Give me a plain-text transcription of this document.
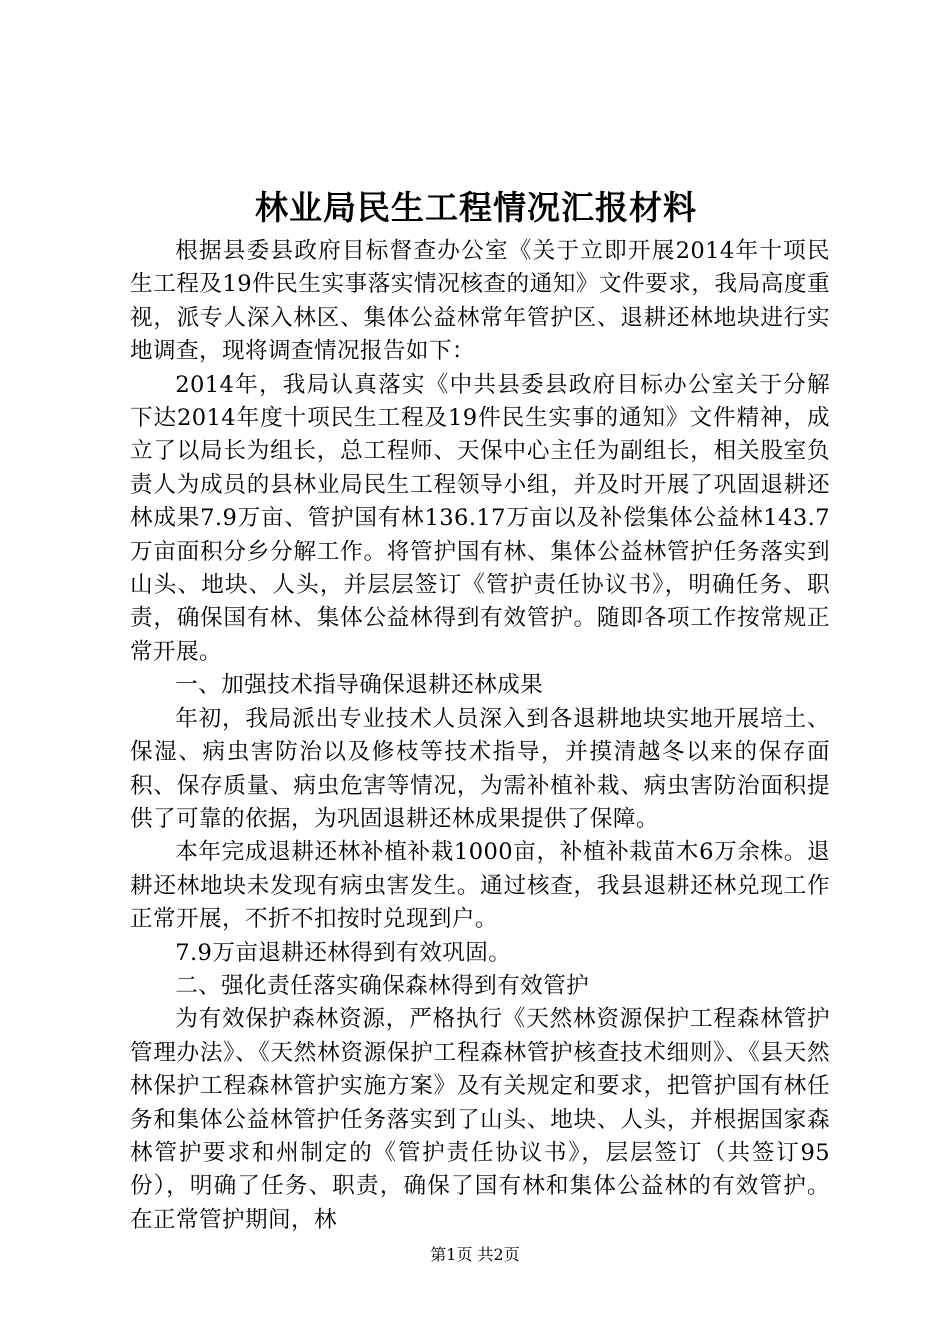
林业局民生工程情况汇报材料

根据县委县政府目标督查办公室《关于立即开展2014年十项民生工程及19件民生实事落实情况核查的通知》文件要求，我局高度重视，派专人深入林区、集体公益林常年管护区、退耕还林地块进行实地调查，现将调查情况报告如下：

2014年，我局认真落实《中共县委县政府目标办公室关于分解下达2014年度十项民生工程及19件民生实事的通知》文件精神，成立了以局长为组长，总工程师、天保中心主任为副组长，相关股室负责人为成员的县林业局民生工程领导小组，并及时开展了巩固退耕还林成果7.9万亩、管护国有林136.17万亩以及补偿集体公益林143.7万亩面积分乡分解工作。将管护国有林、集体公益林管护任务落实到山头、地块、人头，并层层签订《管护责任协议书》，明确任务、职责，确保国有林、集体公益林得到有效管护。随即各项工作按常规正常开展。

一、加强技术指导确保退耕还林成果

年初，我局派出专业技术人员深入到各退耕地块实地开展培土、保湿、病虫害防治以及修枝等技术指导，并摸清越冬以来的保存面积、保存质量、病虫危害等情况，为需补植补栽、病虫害防治面积提供了可靠的依据，为巩固退耕还林成果提供了保障。

本年完成退耕还林补植补栽1000亩，补植补栽苗木6万余株。退耕还林地块未发现有病虫害发生。通过核查，我县退耕还林兑现工作正常开展，不折不扣按时兑现到户。

7.9万亩退耕还林得到有效巩固。

二、强化责任落实确保森林得到有效管护

为有效保护森林资源，严格执行《天然林资源保护工程森林管护管理办法》、《天然林资源保护工程森林管护核查技术细则》、《县天然林保护工程森林管护实施方案》及有关规定和要求，把管护国有林任务和集体公益林管护任务落实到了山头、地块、人头，并根据国家森林管护要求和州制定的《管护责任协议书》，层层签订（共签订95份），明确了任务、职责，确保了国有林和集体公益林的有效管护。在正常管护期间，林

第1页 共2页
